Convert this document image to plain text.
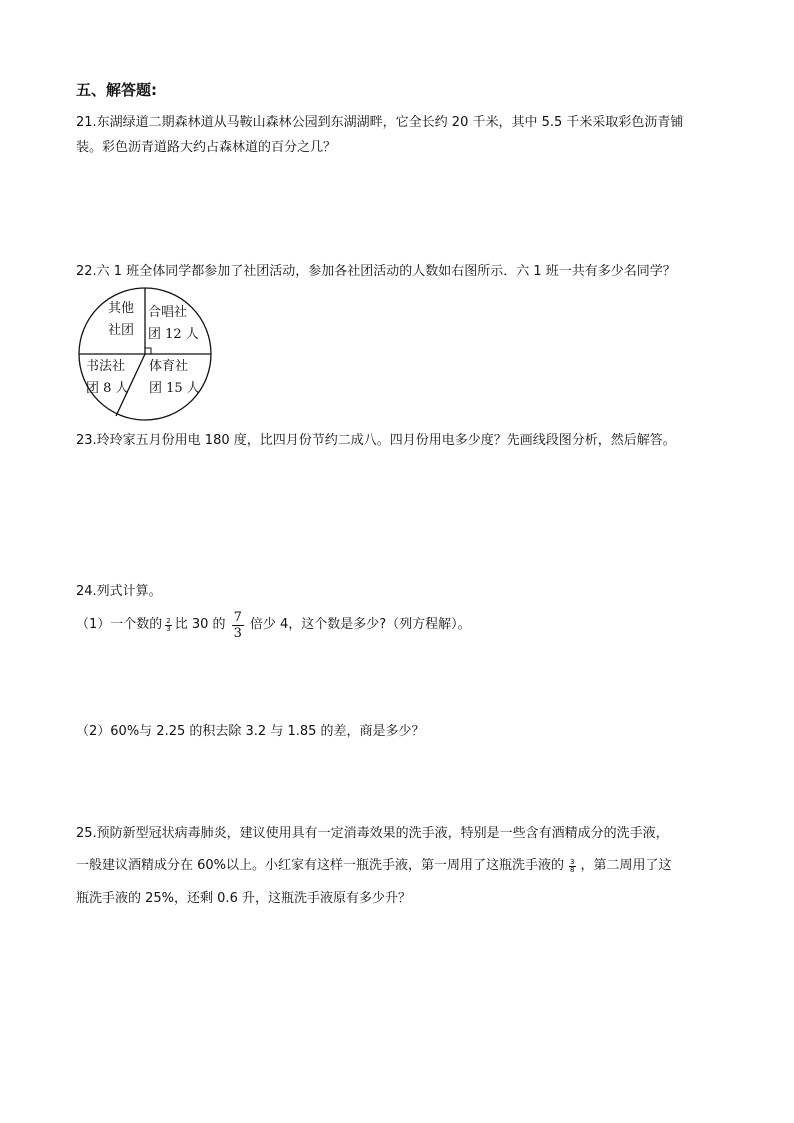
五、解答题:
21.东湖绿道二期森林道从马鞍山森林公园到东湖湖畔，它全长约 20 千米，其中 5.5 千米采取彩色沥青铺
装。彩色沥青道路大约占森林道的百分之几？
22.六 1 班全体同学都参加了社团活动，参加各社团活动的人数如右图所示．六 1 班一共有多少名同学？
其他
社团
合唱社
团 12 人
书法社
团 8 人
体育社
团 15 人
23.玲玲家五月份用电 180 度，比四月份节约二成八。四月份用电多少度？先画线段图分析，然后解答。
24.列式计算。
（1）一个数的 $\frac{2}{3}$ 比 30 的 $\frac{7}{3}$ 倍少 4，这个数是多少?（列方程解）。
（2）60%与 2.25 的积去除 3.2 与 1.85 的差，商是多少？
25.预防新型冠状病毒肺炎，建议使用具有一定消毒效果的洗手液，特别是一些含有酒精成分的洗手液，
一般建议酒精成分在 60%以上。小红家有这样一瓶洗手液，第一周用了这瓶洗手液的 $\frac{3}{8}$ ，第二周用了这
瓶洗手液的 25%，还剩 0.6 升，这瓶洗手液原有多少升？
